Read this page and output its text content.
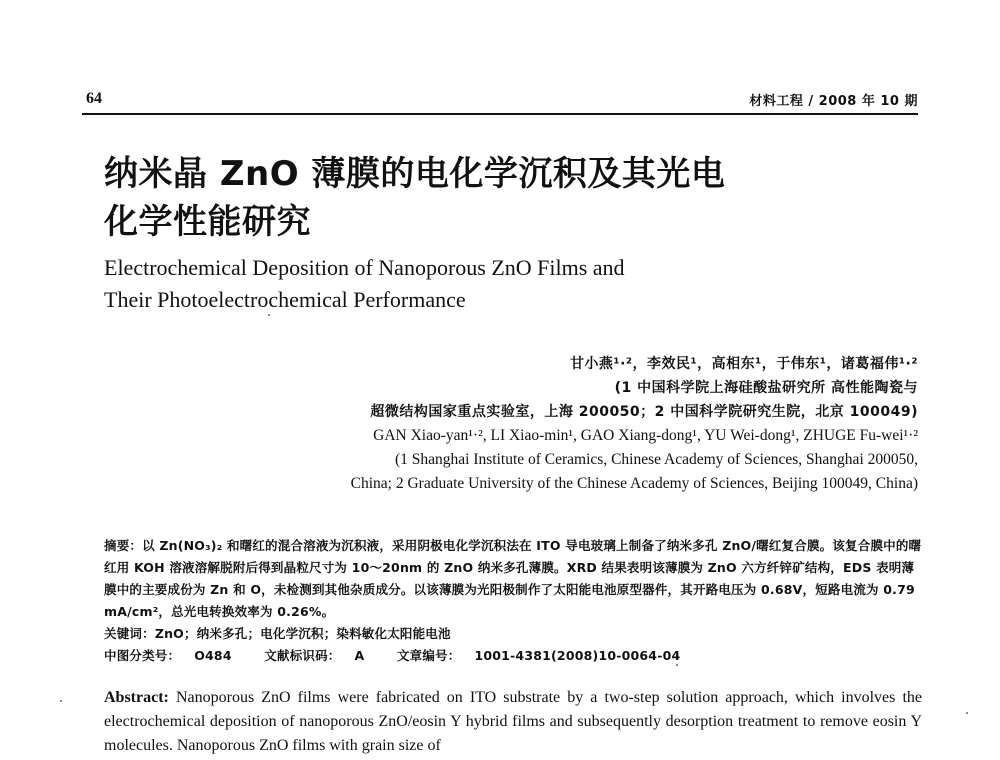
64	材料工程 / 2008 年 10 期
纳米晶 ZnO 薄膜的电化学沉积及其光电
化学性能研究
Electrochemical Deposition of Nanoporous ZnO Films and
Their Photoelectrochemical Performance
甘小燕¹·²，李效民¹，高相东¹，于伟东¹，诸葛福伟¹·²
(1 中国科学院上海硅酸盐研究所 高性能陶瓷与
超微结构国家重点实验室，上海 200050；2 中国科学院研究生院，北京 100049)
GAN Xiao-yan¹·², LI Xiao-min¹, GAO Xiang-dong¹, YU Wei-dong¹, ZHUGE Fu-wei¹·²
(1 Shanghai Institute of Ceramics, Chinese Academy of Sciences, Shanghai 200050,
China; 2 Graduate University of the Chinese Academy of Sciences, Beijing 100049, China)

摘要：以 Zn(NO₃)₂ 和曙红的混合溶液为沉积液，采用阴极电化学沉积法在 ITO 导电玻璃上制备了纳米多孔 ZnO/曙红复合膜。该复合膜中的曙红用 KOH 溶液溶解脱附后得到晶粒尺寸为 10～20nm 的 ZnO 纳米多孔薄膜。XRD 结果表明该薄膜为 ZnO 六方纤锌矿结构，EDS 表明薄膜中的主要成份为 Zn 和 O，未检测到其他杂质成分。以该薄膜为光阳极制作了太阳能电池原型器件，其开路电压为 0.68V，短路电流为 0.79 mA/cm²，总光电转换效率为 0.26%。

关键词：ZnO；纳米多孔；电化学沉积；染料敏化太阳能电池

中图分类号： O484	文献标识码： A	文章编号： 1001-4381(2008)10-0064-04

Abstract: Nanoporous ZnO films were fabricated on ITO substrate by a two-step solution approach, which involves the electrochemical deposition of nanoporous ZnO/eosin Y hybrid films and subsequently desorption treatment to remove eosin Y molecules. Nanoporous ZnO films with grain size of
